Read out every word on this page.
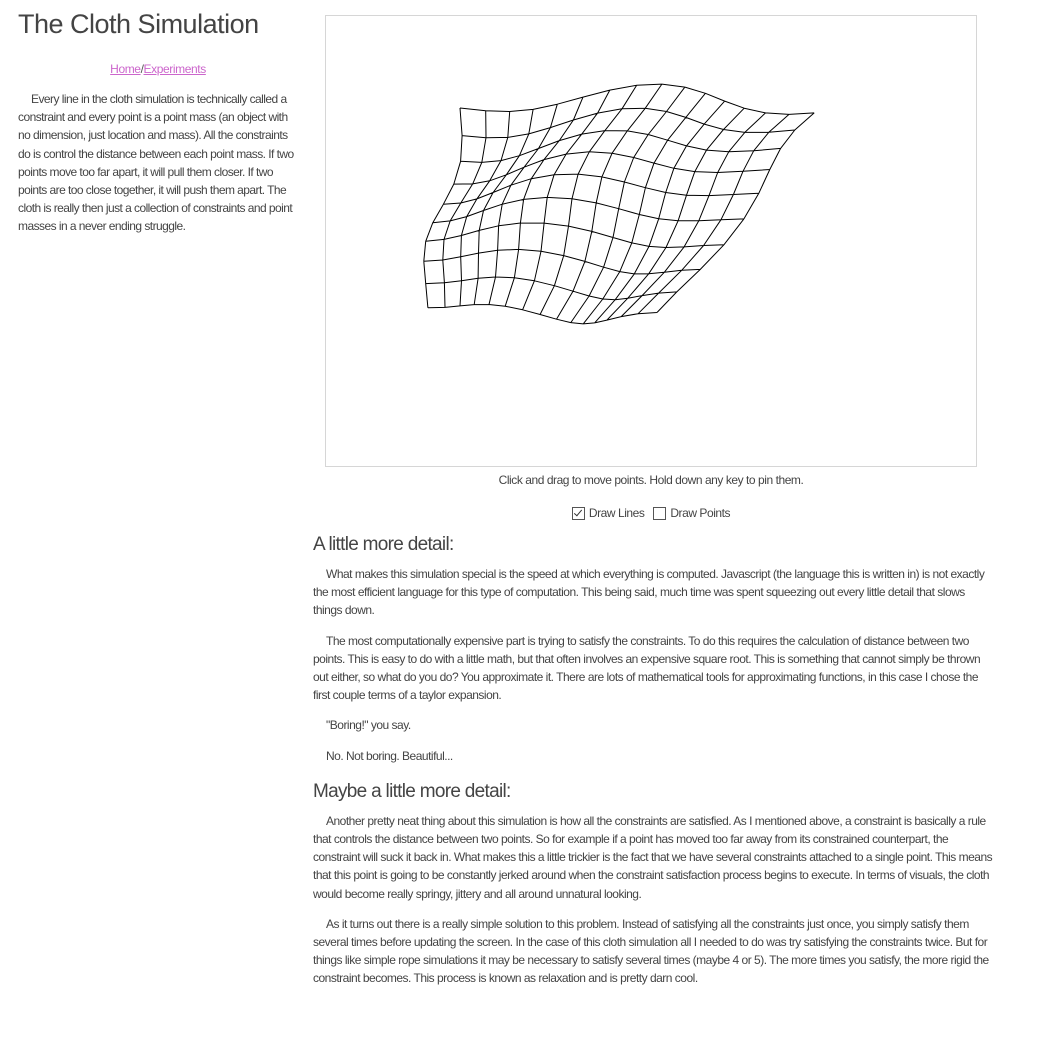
The Cloth Simulation
Home/Experiments
Every line in the cloth simulation is technically called a constraint and every point is a point mass (an object with no dimension, just location and mass). All the constraints do is control the distance between each point mass. If two points move too far apart, it will pull them closer. If two points are too close together, it will push them apart. The cloth is really then just a collection of constraints and point masses in a never ending struggle.
Click and drag to move points. Hold down any key to pin them.
Draw Lines
Draw Points
A little more detail:

What makes this simulation special is the speed at which everything is computed. Javascript (the language this is written in) is not exactly the most efficient language for this type of computation. This being said, much time was spent squeezing out every little detail that slows things down.

The most computationally expensive part is trying to satisfy the constraints. To do this requires the calculation of distance between two points. This is easy to do with a little math, but that often involves an expensive square root. This is something that cannot simply be thrown out either, so what do you do? You approximate it. There are lots of mathematical tools for approximating functions, in this case I chose the first couple terms of a taylor expansion.

"Boring!" you say.

No. Not boring. Beautiful...

Maybe a little more detail:

Another pretty neat thing about this simulation is how all the constraints are satisfied. As I mentioned above, a constraint is basically a rule that controls the distance between two points. So for example if a point has moved too far away from its constrained counterpart, the constraint will suck it back in. What makes this a little trickier is the fact that we have several constraints attached to a single point. This means that this point is going to be constantly jerked around when the constraint satisfaction process begins to execute. In terms of visuals, the cloth would become really springy, jittery and all around unnatural looking.

As it turns out there is a really simple solution to this problem. Instead of satisfying all the constraints just once, you simply satisfy them several times before updating the screen. In the case of this cloth simulation all I needed to do was try satisfying the constraints twice. But for things like simple rope simulations it may be necessary to satisfy several times (maybe 4 or 5). The more times you satisfy, the more rigid the constraint becomes. This process is known as relaxation and is pretty darn cool.
